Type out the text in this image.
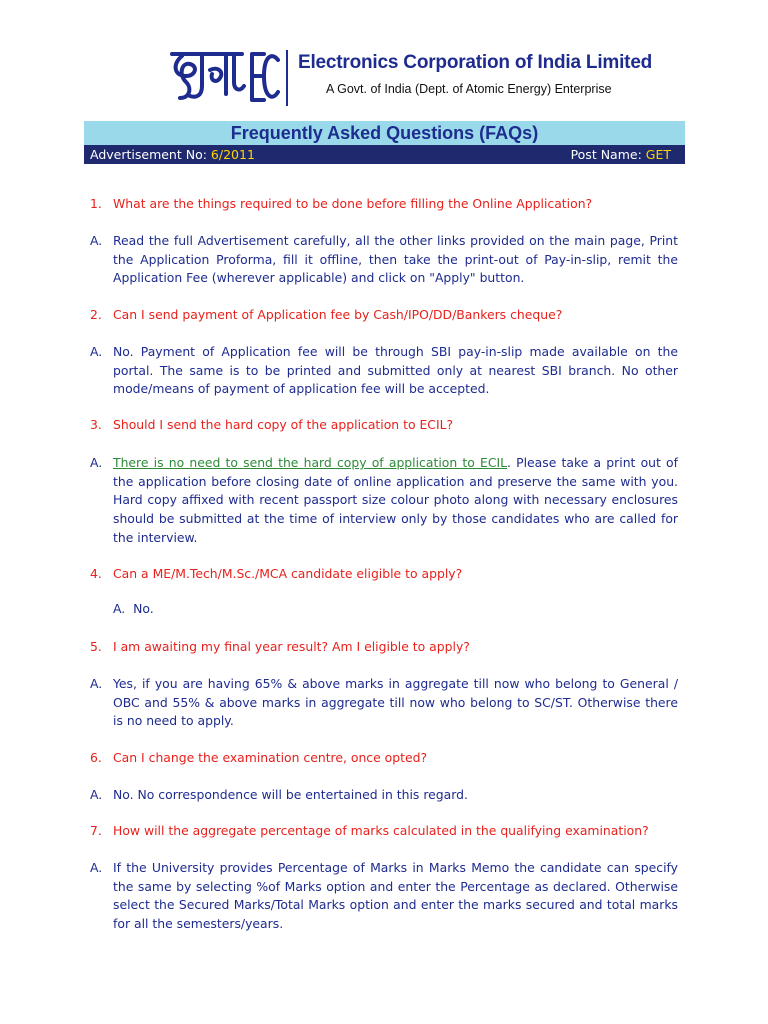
Electronics Corporation of India Limited
A Govt. of India (Dept. of Atomic Energy) Enterprise
Frequently Asked Questions (FAQs)
Advertisement No: 6/2011	Post Name: GET
1. What are the things required to be done before filling the Online Application?
A. Read the full Advertisement carefully, all the other links provided on the main page, Print the Application Proforma, fill it offline, then take the print-out of Pay-in-slip, remit the Application Fee (wherever applicable) and click on "Apply" button.
2. Can I send payment of Application fee by Cash/IPO/DD/Bankers cheque?
A. No. Payment of Application fee will be through SBI pay-in-slip made available on the portal. The same is to be printed and submitted only at nearest SBI branch. No other mode/means of payment of application fee will be accepted.
3. Should I send the hard copy of the application to ECIL?
A. There is no need to send the hard copy of application to ECIL. Please take a print out of the application before closing date of online application and preserve the same with you. Hard copy affixed with recent passport size colour photo along with necessary enclosures should be submitted at the time of interview only by those candidates who are called for the interview.
4. Can a ME/M.Tech/M.Sc./MCA candidate eligible to apply?
A. No.
5. I am awaiting my final year result? Am I eligible to apply?
A. Yes, if you are having 65% & above marks in aggregate till now who belong to General / OBC and 55% & above marks in aggregate till now who belong to SC/ST. Otherwise there is no need to apply.
6. Can I change the examination centre, once opted?
A. No. No correspondence will be entertained in this regard.
7. How will the aggregate percentage of marks calculated in the qualifying examination?
A. If the University provides Percentage of Marks in Marks Memo the candidate can specify the same by selecting %of Marks option and enter the Percentage as declared. Otherwise select the Secured Marks/Total Marks option and enter the marks secured and total marks for all the semesters/years.
